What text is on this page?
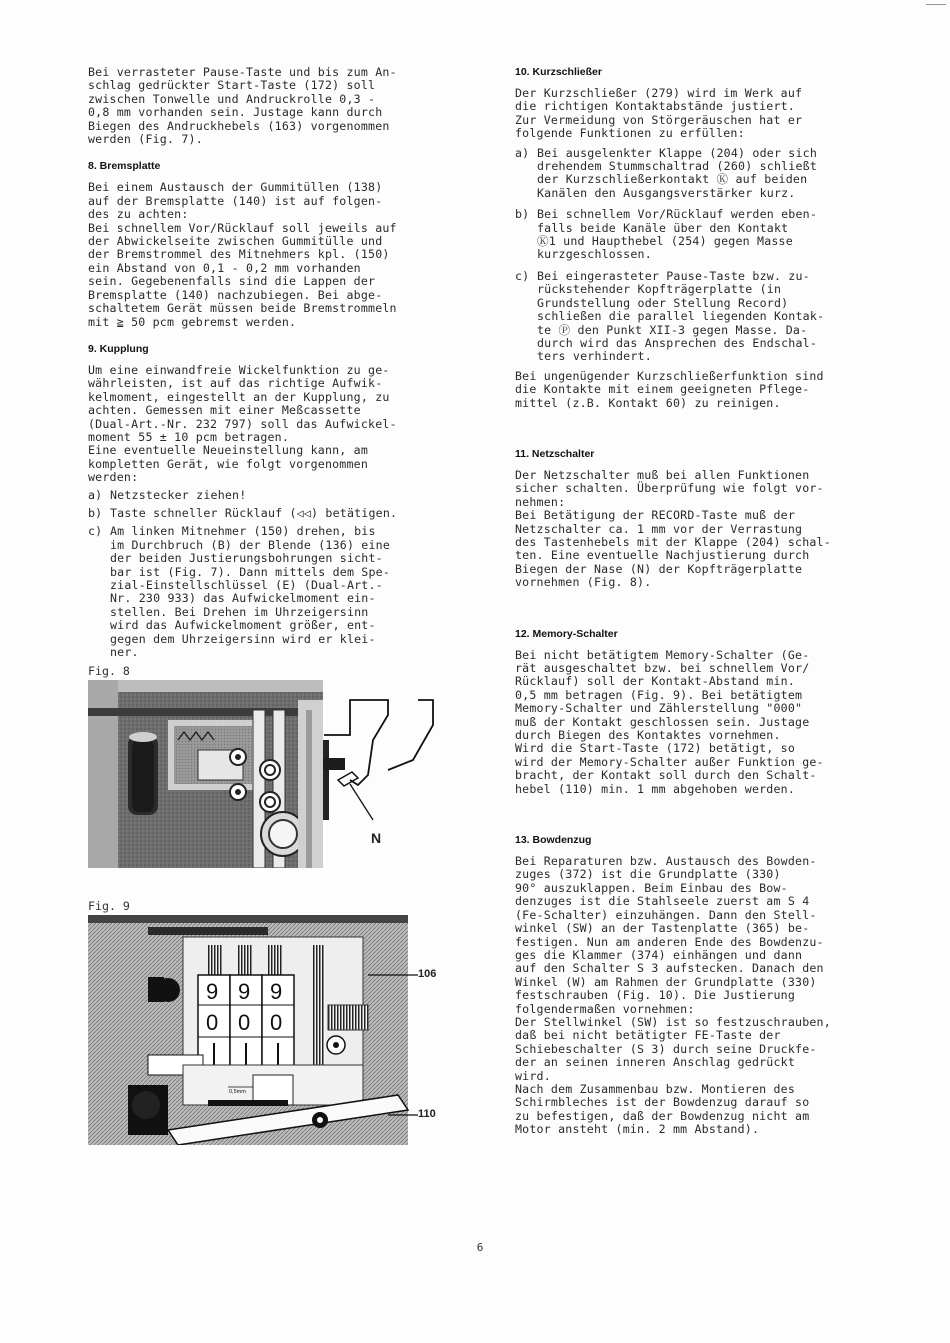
Bei verrasteter Pause-Taste und bis zum An-
schlag gedrückter Start-Taste (172) soll
zwischen Tonwelle und Andruckrolle 0,3 -
0,8 mm vorhanden sein. Justage kann durch
Biegen des Andruckhebels (163) vorgenommen
werden (Fig. 7).

8. Bremsplatte

Bei einem Austausch der Gummitüllen (138)
auf der Bremsplatte (140) ist auf folgen-
des zu achten:
Bei schnellem Vor/Rücklauf soll jeweils auf
der Abwickelseite zwischen Gummitülle und
der Bremstrommel des Mitnehmers kpl. (150)
ein Abstand von 0,1 - 0,2 mm vorhanden
sein. Gegebenenfalls sind die Lappen der
Bremsplatte (140) nachzubiegen. Bei abge-
schaltetem Gerät müssen beide Bremstrommeln
mit ≧ 50 pcm gebremst werden.

9. Kupplung

Um eine einwandfreie Wickelfunktion zu ge-
währleisten, ist auf das richtige Aufwik-
kelmoment, eingestellt an der Kupplung, zu
achten. Gemessen mit einer Meßcassette
(Dual-Art.-Nr. 232 797) soll das Aufwickel-
moment 55 ± 10 pcm betragen.
Eine eventuelle Neueinstellung kann, am
kompletten Gerät, wie folgt vorgenommen
werden:

a) Netzstecker ziehen!
b) Taste schneller Rücklauf (◁◁) betätigen.
c) Am linken Mitnehmer (150) drehen, bis
im Durchbruch (B) der Blende (136) eine
der beiden Justierungsbohrungen sicht-
bar ist (Fig. 7). Dann mittels dem Spe-
zial-Einstellschlüssel (E) (Dual-Art.-
Nr. 230 933) das Aufwickelmoment ein-
stellen. Bei Drehen im Uhrzeigersinn
wird das Aufwickelmoment größer, ent-
gegen dem Uhrzeigersinn wird er klei-
ner.
Fig. 8
N
Fig. 9
0,5mm
106
110
9 9 9
0 0 0
10. Kurzschließer

Der Kurzschließer (279) wird im Werk auf
die richtigen Kontaktabstände justiert.
Zur Vermeidung von Störgeräuschen hat er
folgende Funktionen zu erfüllen:

a) Bei ausgelenkter Klappe (204) oder sich
drehendem Stummschaltrad (260) schließt
der Kurzschließerkontakt Ⓚ auf beiden
Kanälen den Ausgangsverstärker kurz.
b) Bei schnellem Vor/Rücklauf werden eben-
falls beide Kanäle über den Kontakt
Ⓚ1 und Haupthebel (254) gegen Masse
kurzgeschlossen.
c) Bei eingerasteter Pause-Taste bzw. zu-
rückstehender Kopfträgerplatte (in
Grundstellung oder Stellung Record)
schließen die parallel liegenden Kontak-
te Ⓟ den Punkt XII-3 gegen Masse. Da-
durch wird das Ansprechen des Endschal-
ters verhindert.

Bei ungenügender Kurzschließerfunktion sind
die Kontakte mit einem geeigneten Pflege-
mittel (z.B. Kontakt 60) zu reinigen.

11. Netzschalter

Der Netzschalter muß bei allen Funktionen
sicher schalten. Überprüfung wie folgt vor-
nehmen:
Bei Betätigung der RECORD-Taste muß der
Netzschalter ca. 1 mm vor der Verrastung
des Tastenhebels mit der Klappe (204) schal-
ten. Eine eventuelle Nachjustierung durch
Biegen der Nase (N) der Kopfträgerplatte
vornehmen (Fig. 8).

12. Memory-Schalter

Bei nicht betätigtem Memory-Schalter (Ge-
rät ausgeschaltet bzw. bei schnellem Vor/
Rücklauf) soll der Kontakt-Abstand min.
0,5 mm betragen (Fig. 9). Bei betätigtem
Memory-Schalter und Zählerstellung "000"
muß der Kontakt geschlossen sein. Justage
durch Biegen des Kontaktes vornehmen.
Wird die Start-Taste (172) betätigt, so
wird der Memory-Schalter außer Funktion ge-
bracht, der Kontakt soll durch den Schalt-
hebel (110) min. 1 mm abgehoben werden.

13. Bowdenzug

Bei Reparaturen bzw. Austausch des Bowden-
zuges (372) ist die Grundplatte (330)
90° auszuklappen. Beim Einbau des Bow-
denzuges ist die Stahlseele zuerst am S 4
(Fe-Schalter) einzuhängen. Dann den Stell-
winkel (SW) an der Tastenplatte (365) be-
festigen. Nun am anderen Ende des Bowdenzu-
ges die Klammer (374) einhängen und dann
auf den Schalter S 3 aufstecken. Danach den
Winkel (W) am Rahmen der Grundplatte (330)
festschrauben (Fig. 10). Die Justierung
folgendermaßen vornehmen:
Der Stellwinkel (SW) ist so festzuschrauben,
daß bei nicht betätigter FE-Taste der
Schiebeschalter (S 3) durch seine Druckfe-
der an seinen inneren Anschlag gedrückt
wird.
Nach dem Zusammenbau bzw. Montieren des
Schirmbleches ist der Bowdenzug darauf so
zu befestigen, daß der Bowdenzug nicht am
Motor ansteht (min. 2 mm Abstand).

6
